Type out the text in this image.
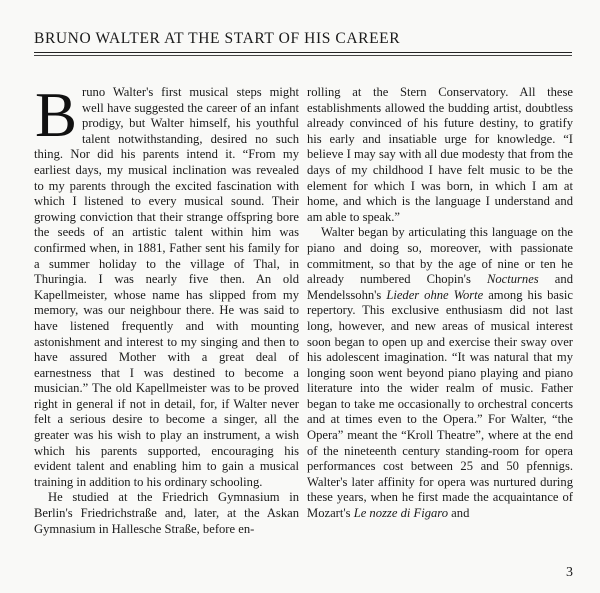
BRUNO WALTER AT THE START OF HIS CAREER

Bruno Walter's first musical steps might well have suggested the career of an infant prodigy, but Walter himself, his youthful talent notwithstanding, desired no such thing. Nor did his parents intend it. “From my earliest days, my musical inclination was revealed to my parents through the excited fascination with which I listened to every musical sound. Their growing conviction that their strange offspring bore the seeds of an artistic talent within him was confirmed when, in 1881, Father sent his family for a summer holiday to the village of Thal, in Thuringia. I was nearly five then. An old Kapellmeister, whose name has slipped from my memory, was our neighbour there. He was said to have listened frequently and with mounting astonishment and interest to my singing and then to have assured Mother with a great deal of earnestness that I was destined to become a musician.” The old Kapellmeister was to be proved right in general if not in detail, for, if Walter never felt a serious desire to become a singer, all the greater was his wish to play an instrument, a wish which his parents supported, encouraging his evident talent and enabling him to gain a musical training in addition to his ordinary schooling.

He studied at the Friedrich Gymnasium in Berlin's Friedrichstraße and, later, at the Askan Gymnasium in Hallesche Straße, before en-

rolling at the Stern Conservatory. All these establishments allowed the budding artist, doubtless already convinced of his future destiny, to gratify his early and insatiable urge for knowledge. “I believe I may say with all due modesty that from the days of my childhood I have felt music to be the element for which I was born, in which I am at home, and which is the language I understand and am able to speak.”

Walter began by articulating this language on the piano and doing so, moreover, with passionate commitment, so that by the age of nine or ten he already numbered Chopin's Nocturnes and Mendelssohn's Lieder ohne Worte among his basic repertory. This exclusive enthusiasm did not last long, however, and new areas of musical interest soon began to open up and exercise their sway over his adolescent imagination. “It was natural that my longing soon went beyond piano playing and piano literature into the wider realm of music. Father began to take me occasionally to orchestral concerts and at times even to the Opera.” For Walter, “the Opera” meant the “Kroll Theatre”, where at the end of the nineteenth century standing-room for opera performances cost between 25 and 50 pfennigs. Walter's later affinity for opera was nurtured during these years, when he first made the acquaintance of Mozart's Le nozze di Figaro and

3
